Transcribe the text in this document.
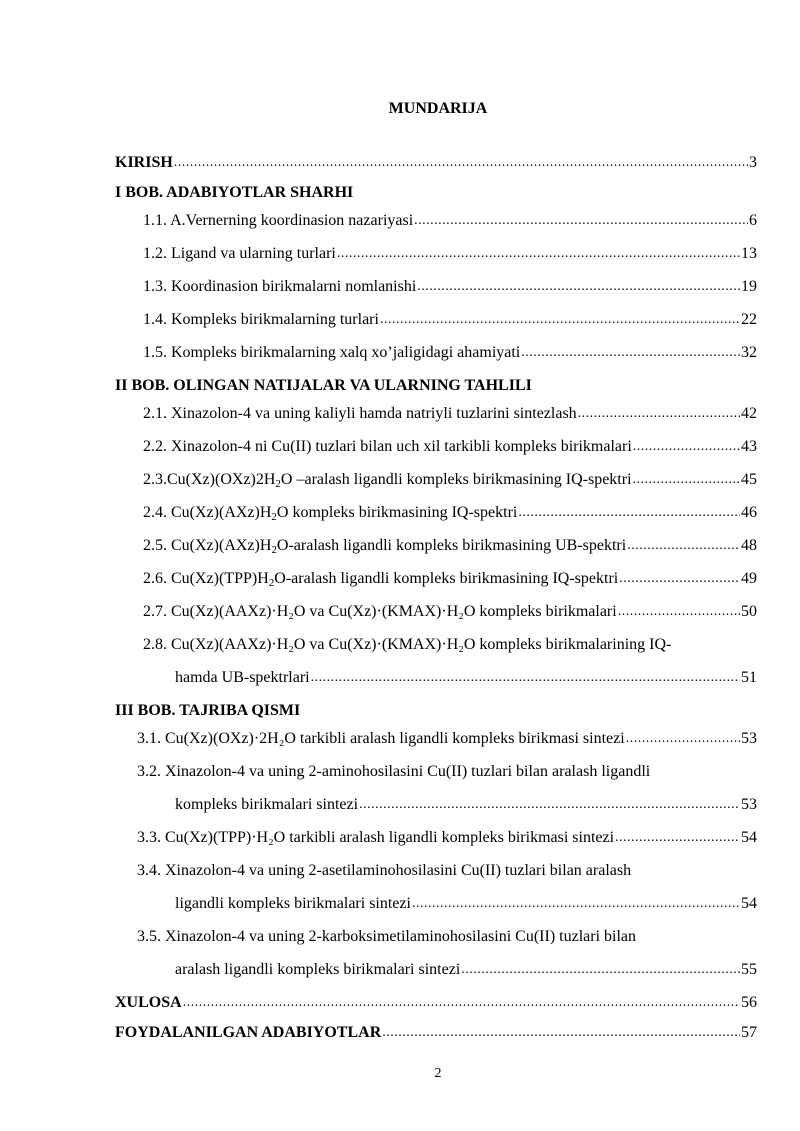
MUNDARIJA
KIRISH .....	3
I BOB. ADABIYOTLAR SHARHI
1.1. A.Vernerning koordinasion nazariyasi .....	6
1.2. Ligand va ularning turlari .....	13
1.3. Koordinasion birikmalarni nomlanishi .....	19
1.4. Kompleks birikmalarning turlari .....	22
1.5. Kompleks birikmalarning xalq xo’jaligidagi ahamiyati .....	32
II BOB. OLINGAN NATIJALAR VA ULARNING TAHLILI
2.1. Xinazolon-4 va uning kaliyli hamda natriyli tuzlarini sintezlash .....	42
2.2. Xinazolon-4 ni Cu(II) tuzlari bilan uch xil tarkibli kompleks birikmalari .....	43
$2.3.Cu(Xz)(OXz)2H_2O$ –aralash ligandli kompleks birikmasining IQ-spektri .....	45
2.4. $Cu(Xz)(AXz)H_2O$ kompleks birikmasining IQ-spektri .....	46
2.5. $Cu(Xz)(AXz)H_2O$-aralash ligandli kompleks birikmasining UB-spektri .....	48
2.6. $Cu(Xz)(TPP)H_2O$-aralash ligandli kompleks birikmasining IQ-spektri .....	49
2.7. Cu(Xz)(AAXz)·H₂O va Cu(Xz)·(KMAX)·H₂O kompleks birikmalari .....	50
2.8. Cu(Xz)(AAXz)·H₂O va Cu(Xz)·(KMAX)·H₂O kompleks birikmalarining IQ-
hamda UB-spektrlari .....	51
III BOB. TAJRIBA QISMI
3.1. Cu(Xz)(OXz)·2H₂O tarkibli aralash ligandli kompleks birikmasi sintezi .....	53
3.2. Xinazolon-4 va uning 2-aminohosilasini Cu(II) tuzlari bilan aralash ligandli
kompleks birikmalari sintezi .....	53
3.3. Cu(Xz)(TPP)·H₂O tarkibli aralash ligandli kompleks birikmasi sintezi .....	54
3.4. Xinazolon-4 va uning 2-asetilaminohosilasini Cu(II) tuzlari bilan aralash
ligandli kompleks birikmalari sintezi .....	54
3.5. Xinazolon-4 va uning 2-karboksimetilaminohosilasini Cu(II) tuzlari bilan
aralash ligandli kompleks birikmalari sintezi .....	55
XULOSA .....	56
FOYDALANILGAN ADABIYOTLAR .....	57
2
